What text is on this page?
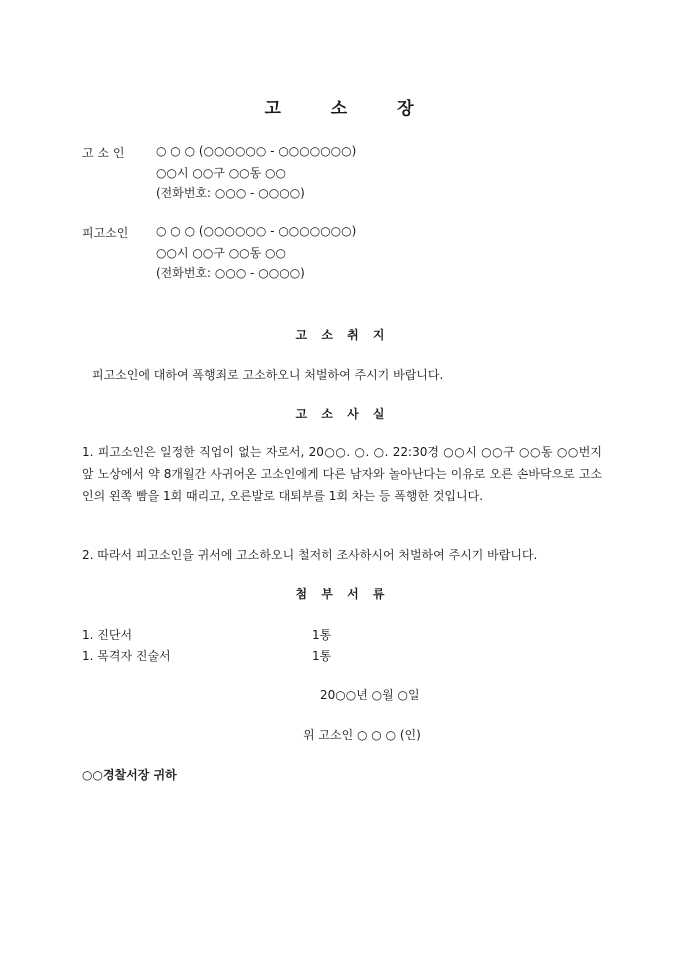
고 소 장
고 소 인	○ ○ ○ (○○○○○○ - ○○○○○○○)
○○시 ○○구 ○○동 ○○
(전화번호: ○○○ - ○○○○)
피고소인 ○ ○ ○ (○○○○○○ - ○○○○○○○)
○○시 ○○구 ○○동 ○○
(전화번호: ○○○ - ○○○○)
고 소 취 지
피고소인에 대하여 폭행죄로 고소하오니 처벌하여 주시기 바랍니다.
고 소 사 실
1. 피고소인은 일정한 직업이 없는 자로서, 20○○. ○. ○. 22:30경 ○○시 ○○구 ○○동 ○○번지 앞 노상에서 약 8개월간 사귀어온 고소인에게 다른 남자와 놀아난다는 이유로 오른 손바닥으로 고소인의 왼쪽 빰을 1회 때리고, 오른발로 대퇴부를 1회 차는 등 폭행한 것입니다.
2. 따라서 피고소인을 귀서에 고소하오니 철저히 조사하시어 처벌하여 주시기 바랍니다.
첨 부 서 류
1. 진단서	1통
1. 목격자 진술서	1통
20○○년 ○월 ○일
위 고소인 ○ ○ ○ (인)
○○경찰서장 귀하
